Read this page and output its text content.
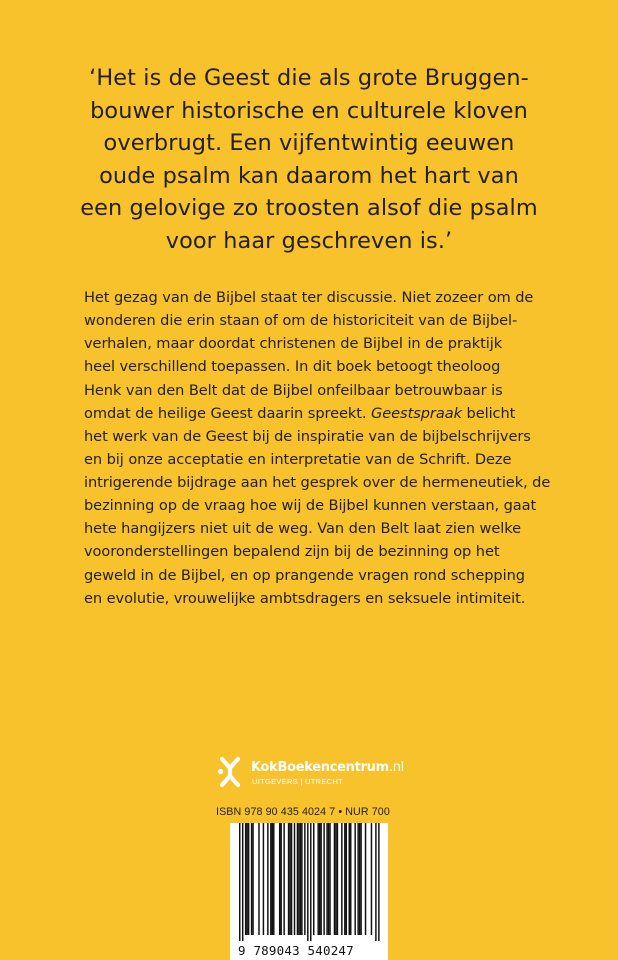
‘Het is de Geest die als grote Bruggen-
bouwer historische en culturele kloven
overbrugt. Een vijfentwintig eeuwen
oude psalm kan daarom het hart van
een gelovige zo troosten alsof die psalm
voor haar geschreven is.’
Het gezag van de Bijbel staat ter discussie. Niet zozeer om de
wonderen die erin staan of om de historiciteit van de Bijbel-
verhalen, maar doordat christenen de Bijbel in de praktijk
heel verschillend toepassen. In dit boek betoogt theoloog
Henk van den Belt dat de Bijbel onfeilbaar betrouwbaar is
omdat de heilige Geest daarin spreekt. Geestspraak belicht
het werk van de Geest bij de inspiratie van de bijbelschrijvers
en bij onze acceptatie en interpretatie van de Schrift. Deze
intrigerende bijdrage aan het gesprek over de hermeneutiek, de
bezinning op de vraag hoe wij de Bijbel kunnen verstaan, gaat
hete hangijzers niet uit de weg. Van den Belt laat zien welke
vooronderstellingen bepalend zijn bij de bezinning op het
geweld in de Bijbel, en op prangende vragen rond schepping
en evolutie, vrouwelijke ambtsdragers en seksuele intimiteit.
KokBoekencentrum.nl
UITGEVERS | UTRECHT
ISBN 978 90 435 4024 7 • NUR 700
9 789043 540247
